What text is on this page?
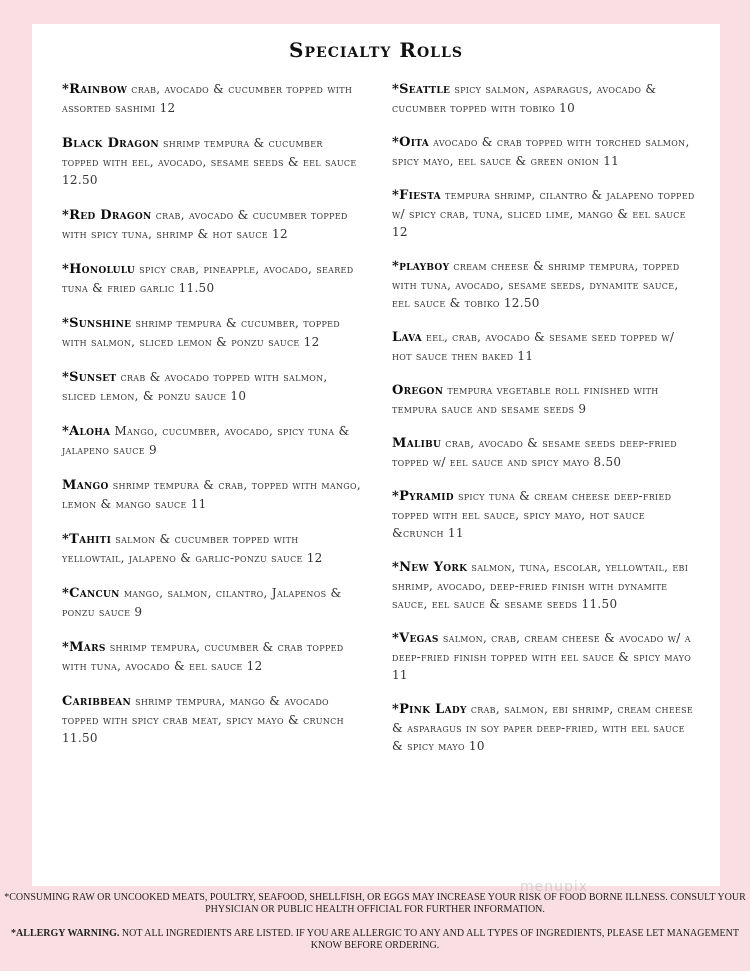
Specialty Rolls
*Rainbow crab, avocado & cucumber topped with assorted sashimi 12
Black Dragon shrimp tempura & cucumber topped with eel, avocado, sesame seeds & eel sauce 12.50
*Red Dragon crab, avocado & cucumber topped with spicy tuna, shrimp & hot sauce 12
*Honolulu spicy crab, pineapple, avocado, seared tuna & fried garlic 11.50
*Sunshine shrimp tempura & cucumber, topped with salmon, sliced lemon & ponzu sauce 12
*Sunset crab & avocado topped with salmon, sliced lemon, & ponzu sauce 10
*Aloha Mango, cucumber, avocado, spicy tuna & jalapeno sauce 9
Mango shrimp tempura & crab, topped with mango, lemon & mango sauce 11
*Tahiti salmon & cucumber topped with yellowtail, jalapeno & garlic-ponzu sauce 12
*Cancun mango, salmon, cilantro, Jalapenos & ponzu sauce 9
*Mars shrimp tempura, cucumber & crab topped with tuna, avocado & eel sauce 12
Caribbean shrimp tempura, mango & avocado topped with spicy crab meat, spicy mayo & crunch 11.50
*Seattle spicy salmon, asparagus, avocado & cucumber topped with tobiko 10
*Oita avocado & crab topped with torched salmon, spicy mayo, eel sauce & green onion 11
*Fiesta tempura shrimp, cilantro & jalapeno topped w/ spicy crab, tuna, sliced lime, mango & eel sauce 12
*playboy cream cheese & shrimp tempura, topped with tuna, avocado, sesame seeds, dynamite sauce, eel sauce & tobiko 12.50
Lava eel, crab, avocado & sesame seed topped w/ hot sauce then baked 11
Oregon tempura vegetable roll finished with tempura sauce and sesame seeds 9
Malibu crab, avocado & sesame seeds deep-fried topped w/ eel sauce and spicy mayo 8.50
*Pyramid spicy tuna & cream cheese deep-fried topped with eel sauce, spicy mayo, hot sauce &crunch 11
*New York salmon, tuna, escolar, yellowtail, ebi shrimp, avocado, deep-fried finish with dynamite sauce, eel sauce & sesame seeds 11.50
*Vegas salmon, crab, cream cheese & avocado w/ a deep-fried finish topped with eel sauce & spicy mayo 11
*Pink Lady crab, salmon, ebi shrimp, cream cheese & asparagus in soy paper deep-fried, with eel sauce & spicy mayo 10
menupix
*CONSUMING RAW OR UNCOOKED MEATS, POULTRY, SEAFOOD, SHELLFISH, OR EGGS MAY INCREASE YOUR RISK OF FOOD BORNE ILLNESS. CONSULT YOUR PHYSICIAN OR PUBLIC HEALTH OFFICIAL FOR FURTHER INFORMATION.
*ALLERGY WARNING. NOT ALL INGREDIENTS ARE LISTED. IF YOU ARE ALLERGIC TO ANY AND ALL TYPES OF INGREDIENTS, PLEASE LET MANAGEMENT KNOW BEFORE ORDERING.
